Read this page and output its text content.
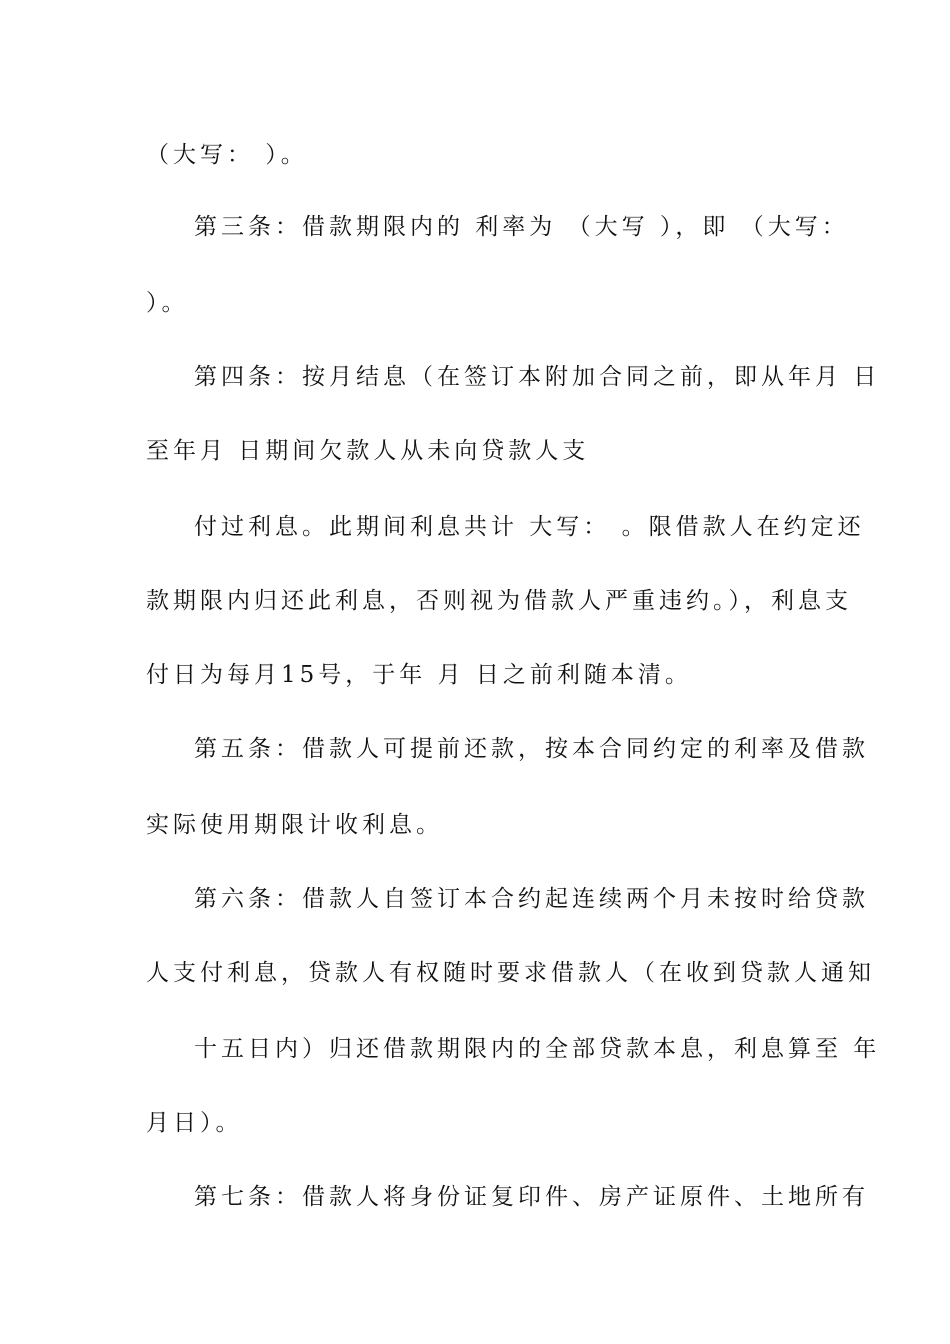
（大写： ）。
第三条：借款期限内的 利率为 （大写 ），即 （大写：
）。
第四条：按月结息（在签订本附加合同之前，即从年月 日
至年月 日期间欠款人从未向贷款人支
付过利息。此期间利息共计 大写： 。限借款人在约定还
款期限内归还此利息，否则视为借款人严重违约。），利息支
付日为每月15号，于年 月 日之前利随本清。
第五条：借款人可提前还款，按本合同约定的利率及借款
实际使用期限计收利息。
第六条：借款人自签订本合约起连续两个月未按时给贷款
人支付利息，贷款人有权随时要求借款人（在收到贷款人通知
十五日内）归还借款期限内的全部贷款本息，利息算至 年
月日）。
第七条：借款人将身份证复印件、房产证原件、土地所有
